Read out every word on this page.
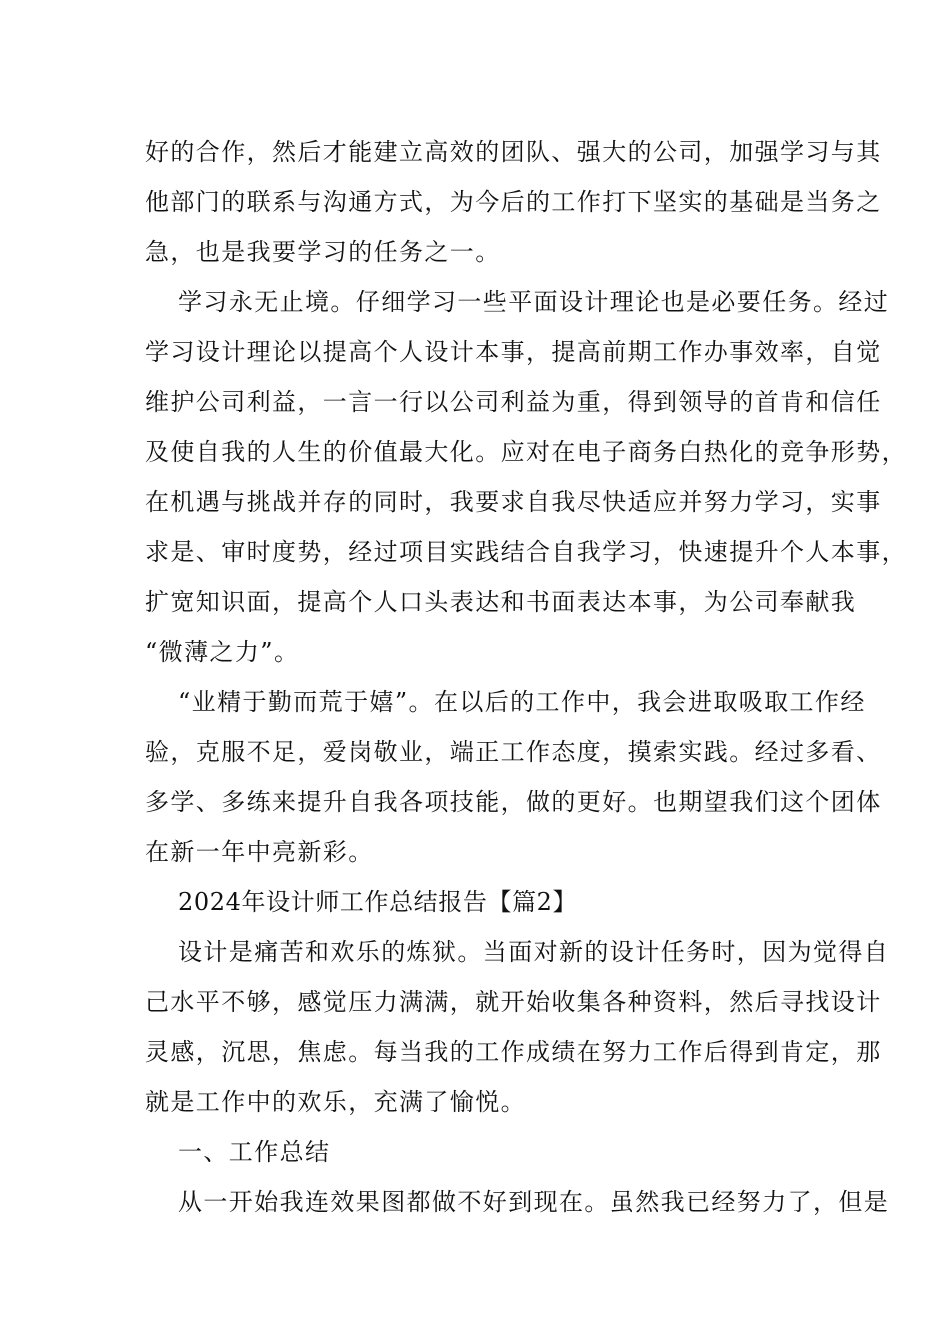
好的合作，然后才能建立高效的团队、强大的公司，加强学习与其
他部门的联系与沟通方式，为今后的工作打下坚实的基础是当务之
急，也是我要学习的任务之一。
学习永无止境。仔细学习一些平面设计理论也是必要任务。经过
学习设计理论以提高个人设计本事，提高前期工作办事效率，自觉
维护公司利益，一言一行以公司利益为重，得到领导的首肯和信任
及使自我的人生的价值最大化。应对在电子商务白热化的竞争形势，
在机遇与挑战并存的同时，我要求自我尽快适应并努力学习，实事
求是、审时度势，经过项目实践结合自我学习，快速提升个人本事，
扩宽知识面，提高个人口头表达和书面表达本事，为公司奉献我
“微薄之力”。
“业精于勤而荒于嬉”。在以后的工作中，我会进取吸取工作经
验，克服不足，爱岗敬业，端正工作态度，摸索实践。经过多看、
多学、多练来提升自我各项技能，做的更好。也期望我们这个团体
在新一年中亮新彩。
2024年设计师工作总结报告【篇2】
设计是痛苦和欢乐的炼狱。当面对新的设计任务时，因为觉得自
己水平不够，感觉压力满满，就开始收集各种资料，然后寻找设计
灵感，沉思，焦虑。每当我的工作成绩在努力工作后得到肯定，那
就是工作中的欢乐，充满了愉悦。
一、工作总结
从一开始我连效果图都做不好到现在。虽然我已经努力了，但是
